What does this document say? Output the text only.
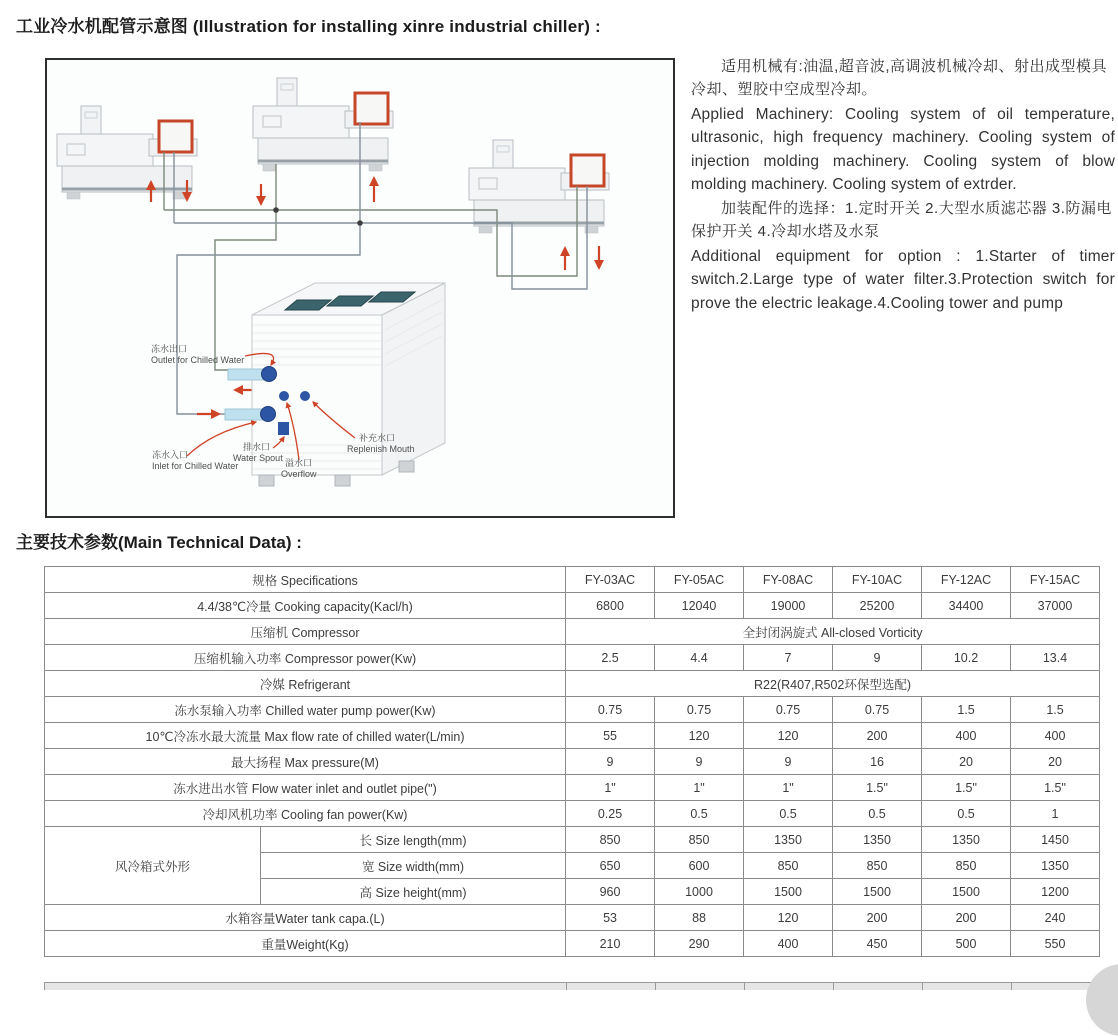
工业冷水机配管示意图 (Illustration for installing xinre industrial chiller) :
冻水出口
Outlet for Chilled Water
冻水入口
Inlet for Chilled Water
排水口
Water Spout 溢水口
Overflow
补充水口
Replenish Mouth

适用机械有:油温,超音波,高调波机械冷却、射出成型模具冷却、塑胶中空成型冷却。

Applied Machinery: Cooling system of oil temperature, ultrasonic, high frequency machinery. Cooling system of injection molding machinery. Cooling system of blow molding machinery. Cooling system of extrder.

加装配件的选择：1.定时开关 2.大型水质滤芯器 3.防漏电保护开关 4.冷却水塔及水泵

Additional equipment for option : 1.Starter of timer switch.2.Large type of water filter.3.Protection switch for prove the electric leakage.4.Cooling tower and pump

主要技术参数(Main Technical Data) :
规格 Specifications		FY-03AC	FY-05AC	FY-08AC	FY-10AC	FY-12AC	FY-15AC
4.4/38℃冷量 Cooking capacity(Kacl/h)		6800	12040	19000	25200	34400	37000
压缩机 Compressor		全封闭涡旋式 All-closed Vorticity					
压缩机输入功率 Compressor power(Kw)		2.5	4.4	7	9	10.2	13.4
冷媒 Refrigerant		R22(R407,R502环保型选配)					
冻水泵输入功率 Chilled water pump power(Kw)		0.75	0.75	0.75	0.75	1.5	1.5
10℃冷冻水最大流量 Max flow rate of chilled water(L/min)		55	120	120	200	400	400
最大扬程 Max pressure(M)		9	9	9	16	20	20
冻水进出水管 Flow water inlet and outlet pipe(")		1"	1"	1"	1.5"	1.5"	1.5"
冷却风机功率 Cooling fan power(Kw)		0.25	0.5	0.5	0.5	0.5	1
风冷箱式外形	长 Size length(mm)	850	850	1350	1350	1350	1450
	宽 Size width(mm)	650	600	850	850	850	1350
	高 Size height(mm)	960	1000	1500	1500	1500	1200
水箱容量Water tank capa.(L)		53	88	120	200	200	240
重量Weight(Kg)		210	290	400	450	500	550
